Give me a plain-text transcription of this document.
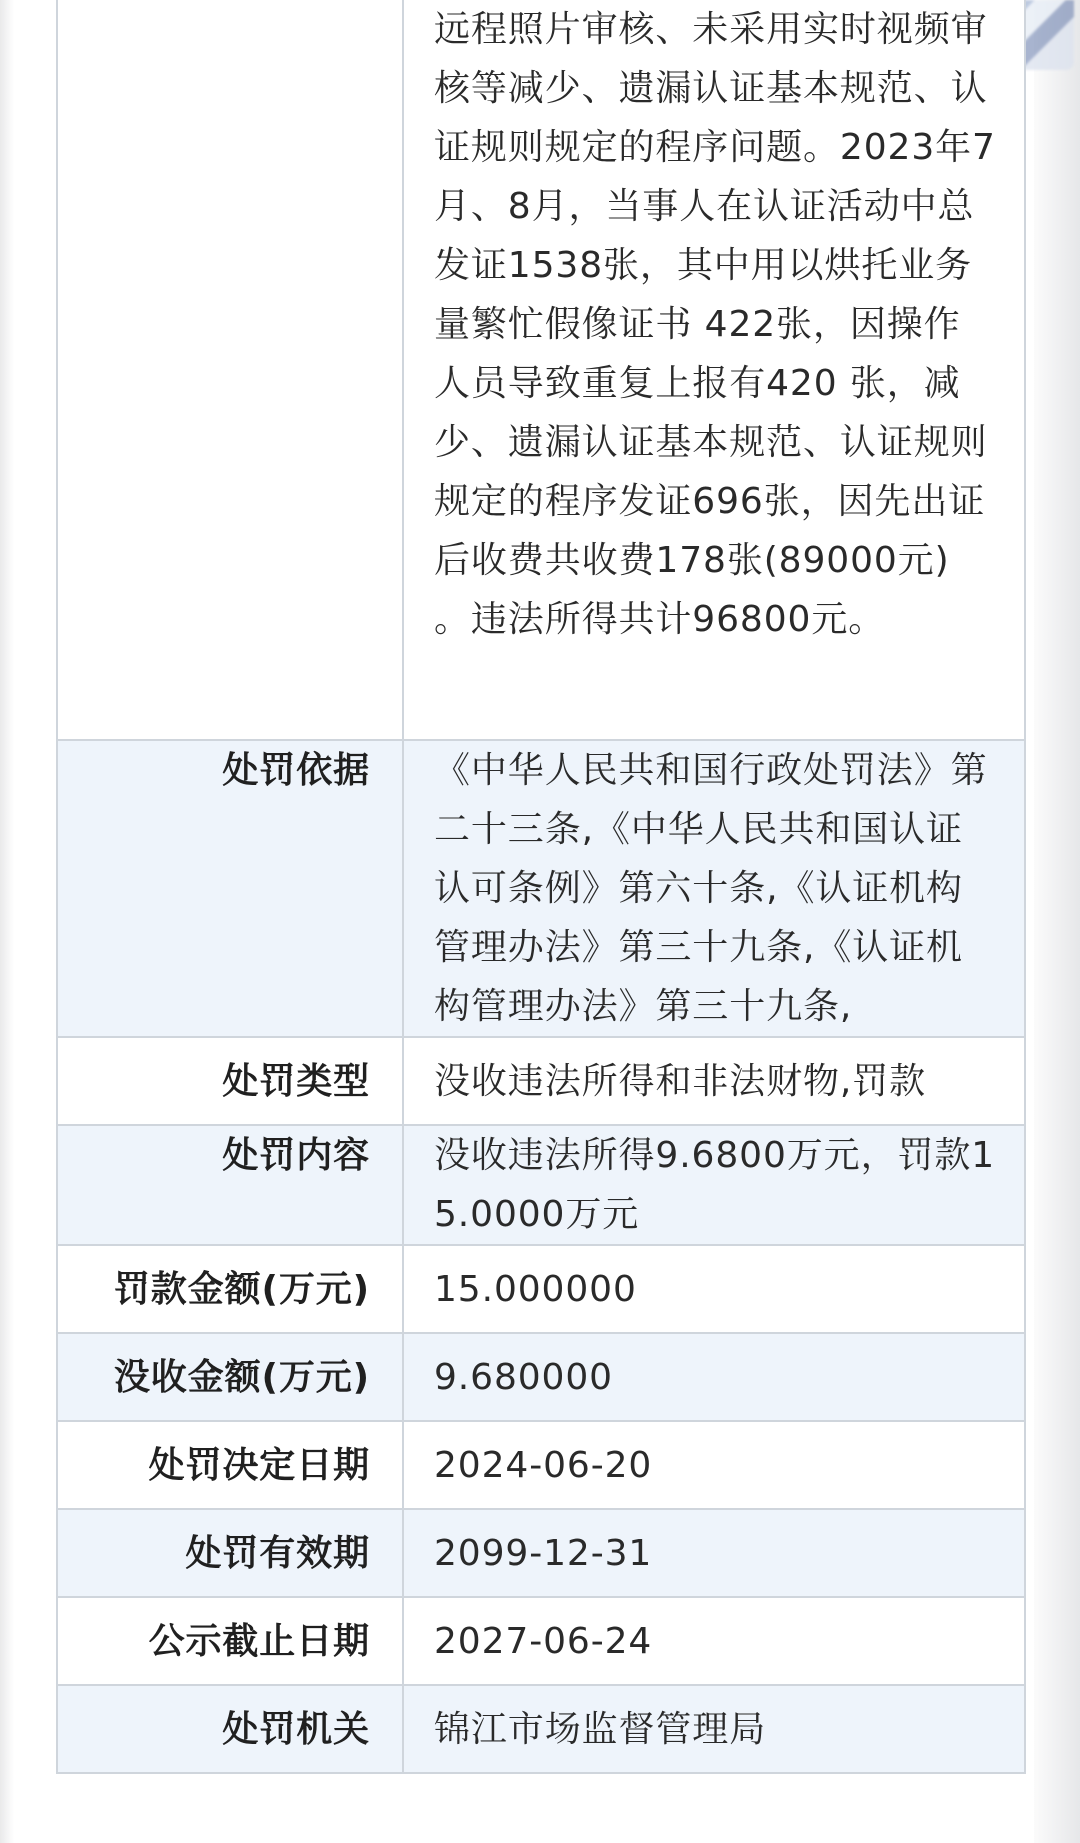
	远程照片审核、未采用实时视频审核等减少、遗漏认证基本规范、认证规则规定的程序问题。2023年7月、8月，当事人在认证活动中总发证1538张，其中用以烘托业务量繁忙假像证书 422张，因操作人员导致重复上报有420 张，减少、遗漏认证基本规范、认证规则规定的程序发证696张，因先出证后收费共收费178张(89000元) 。违法所得共计96800元。

处罚依据	《中华人民共和国行政处罚法》第二十三条,《中华人民共和国认证认可条例》第六十条,《认证机构管理办法》第三十九条,《认证机构管理办法》第三十九条,

处罚类型	没收违法所得和非法财物,罚款
处罚内容	没收违法所得9.6800万元，罚款15.0000万元

罚款金额(万元)	15.000000
没收金额(万元)	9.680000
处罚决定日期	2024-06-20
处罚有效期	2099-12-31
公示截止日期	2027-06-24
处罚机关	锦江市场监督管理局
